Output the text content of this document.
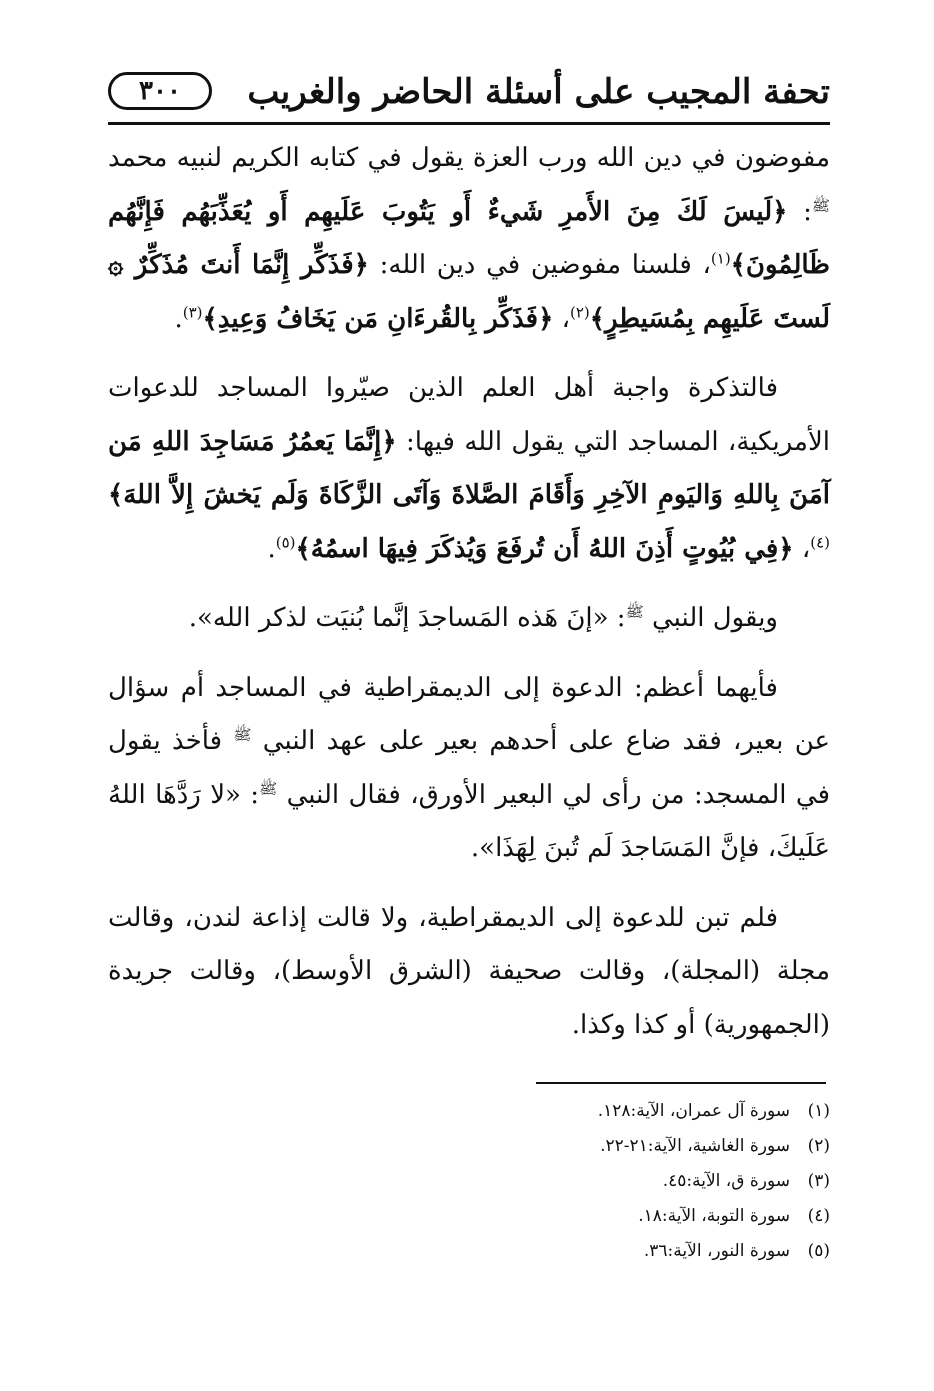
تحفة المجيب على أسئلة الحاضر والغريب
٣٠٠

مفوضون في دين الله ورب العزة يقول في كتابه الكريم لنبيه محمد $^ﷺ$: ﴿لَيسَ لَكَ مِنَ الأَمرِ شَيءٌ أَو يَتُوبَ عَلَيهِم أَو يُعَذِّبَهُم فَإِنَّهُم ظَالِمُونَ﴾$^{(١)}$، فلسنا مفوضين في دين الله: ﴿فَذَكِّر إِنَّمَا أَنتَ مُذَكِّرٌ ۞ لَستَ عَلَيهِم بِمُسَيطِرٍ﴾$^{(٢)}$، ﴿فَذَكِّر بِالقُرءَانِ مَن يَخَافُ وَعِيدِ﴾$^{(٣)}$.

فالتذكرة واجبة أهل العلم الذين صيّروا المساجد للدعوات الأمريكية، المساجد التي يقول الله فيها: ﴿إِنَّمَا يَعمُرُ مَسَاجِدَ اللهِ مَن آمَنَ بِاللهِ وَاليَومِ الآخِرِ وَأَقَامَ الصَّلاةَ وَآتَى الزَّكَاةَ وَلَم يَخشَ إِلاَّ اللهَ﴾$^{(٤)}$، ﴿فِي بُيُوتٍ أَذِنَ اللهُ أَن تُرفَعَ وَيُذكَرَ فِيهَا اسمُهُ﴾$^{(٥)}$.

ويقول النبي $^ﷺ$: «إنَ هَذه المَساجدَ إنَّما بُنيَت لذكر الله».

فأيهما أعظم: الدعوة إلى الديمقراطية في المساجد أم سؤال عن بعير، فقد ضاع على أحدهم بعير على عهد النبي $^ﷺ$ فأخذ يقول في المسجد: من رأى لي البعير الأورق، فقال النبي $^ﷺ$: «لا رَدَّهَا اللهُ عَلَيكَ، فإنَّ المَسَاجدَ لَم تُبنَ لِهَذَا».

فلم تبن للدعوة إلى الديمقراطية، ولا قالت إذاعة لندن، وقالت مجلة (المجلة)، وقالت صحيفة (الشرق الأوسط)، وقالت جريدة (الجمهورية) أو كذا وكذا.

(١)سورة آل عمران، الآية:١٢٨.
(٢)سورة الغاشية، الآية:٢١-٢٢.
(٣)سورة ق، الآية:٤٥.
(٤)سورة التوبة، الآية:١٨.
(٥)سورة النور، الآية:٣٦.
